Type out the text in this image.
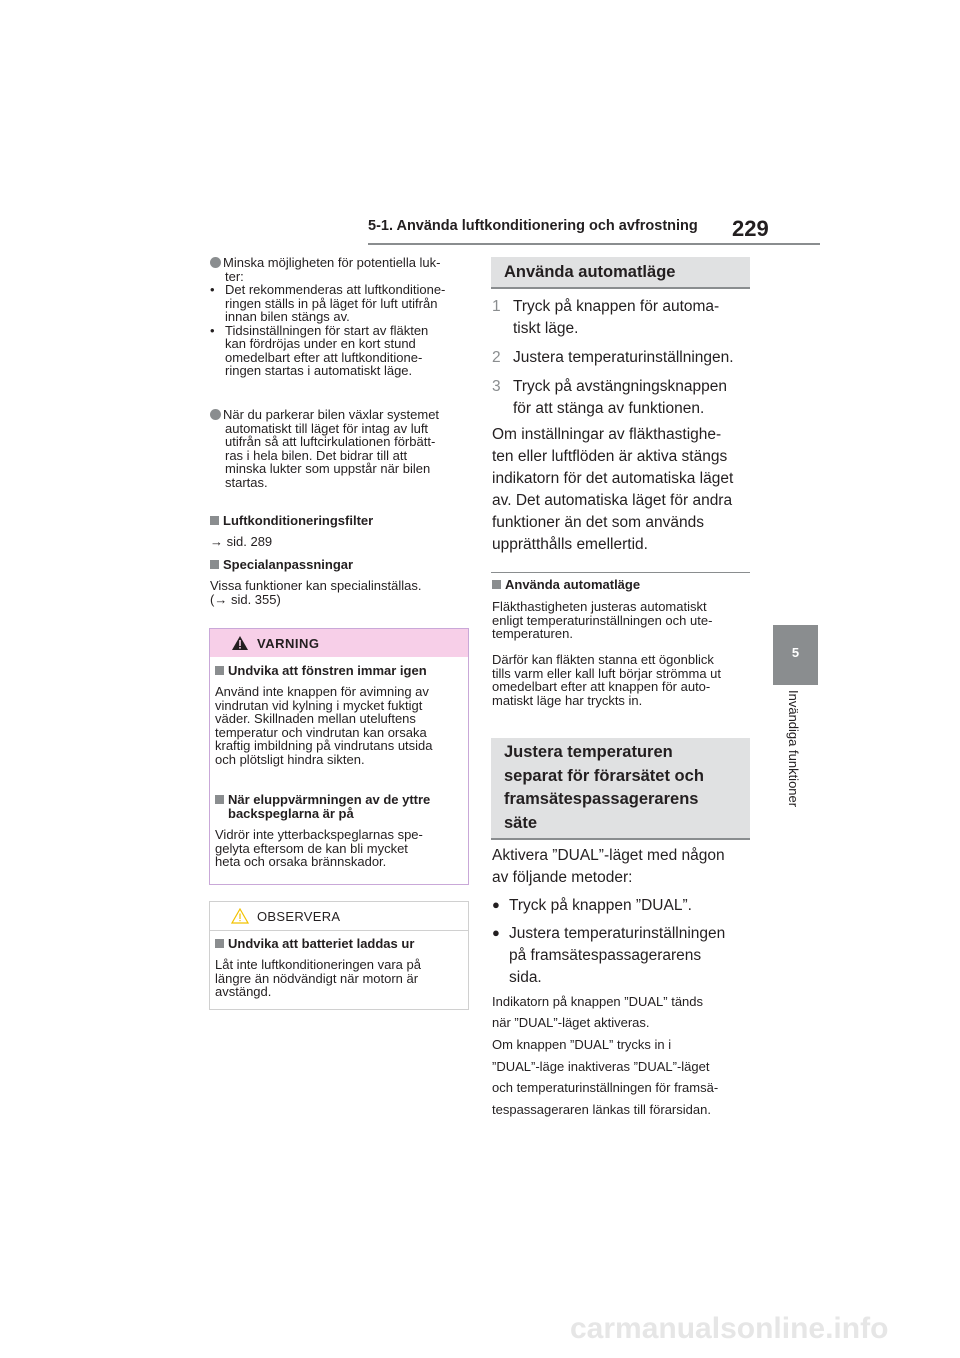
5-1. Använda luftkonditionering och avfrostning 229
5
Invändiga funktioner
Minska möjligheten för potentiella luk-
ter:
• Det rekommenderas att luftkonditione-
ringen ställs in på läget för luft utifrån
innan bilen stängs av.
• Tidsinställningen för start av fläkten
kan fördröjas under en kort stund
omedelbart efter att luftkonditione-
ringen startas i automatiskt läge.
När du parkerar bilen växlar systemet
automatiskt till läget för intag av luft
utifrån så att luftcirkulationen förbätt-
ras i hela bilen. Det bidrar till att
minska lukter som uppstår när bilen
startas.
Luftkonditioneringsfilter
→ sid. 289
Specialanpassningar
Vissa funktioner kan specialinställas.
(→ sid. 355)
VARNING
Undvika att fönstren immar igen
Använd inte knappen för avimning av
vindrutan vid kylning i mycket fuktigt
väder. Skillnaden mellan uteluftens
temperatur och vindrutan kan orsaka
kraftig imbildning på vindrutans utsida
och plötsligt hindra sikten.
När eluppvärmningen av de yttre
backspeglarna är på
Vidrör inte ytterbackspeglarnas spe-
gelyta eftersom de kan bli mycket
heta och orsaka brännskador.
OBSERVERA
Undvika att batteriet laddas ur
Låt inte luftkonditioneringen vara på
längre än nödvändigt när motorn är
avstängd.
Använda automatläge
1 Tryck på knappen för automa-
tiskt läge.
2 Justera temperaturinställningen.
3 Tryck på avstängningsknappen
för att stänga av funktionen.
Om inställningar av fläkthastighe-
ten eller luftflöden är aktiva stängs
indikatorn för det automatiska läget
av. Det automatiska läget för andra
funktioner än det som används
upprätthålls emellertid.
Använda automatläge
Fläkthastigheten justeras automatiskt
enligt temperaturinställningen och ute-
temperaturen.
Därför kan fläkten stanna ett ögonblick
tills varm eller kall luft börjar strömma ut
omedelbart efter att knappen för auto-
matiskt läge har tryckts in.
Justera temperaturen
separat för förarsätet och
framsätespassagerarens
säte
Aktivera ”DUAL”-läget med någon
av följande metoder:
● Tryck på knappen ”DUAL”.
● Justera temperaturinställningen
på framsätespassagerarens
sida.
Indikatorn på knappen ”DUAL” tänds
när ”DUAL”-läget aktiveras.
Om knappen ”DUAL” trycks in i
”DUAL”-läge inaktiveras ”DUAL”-läget
och temperaturinställningen för framsä-
tespassageraren länkas till förarsidan.
carmanualsonline.info
